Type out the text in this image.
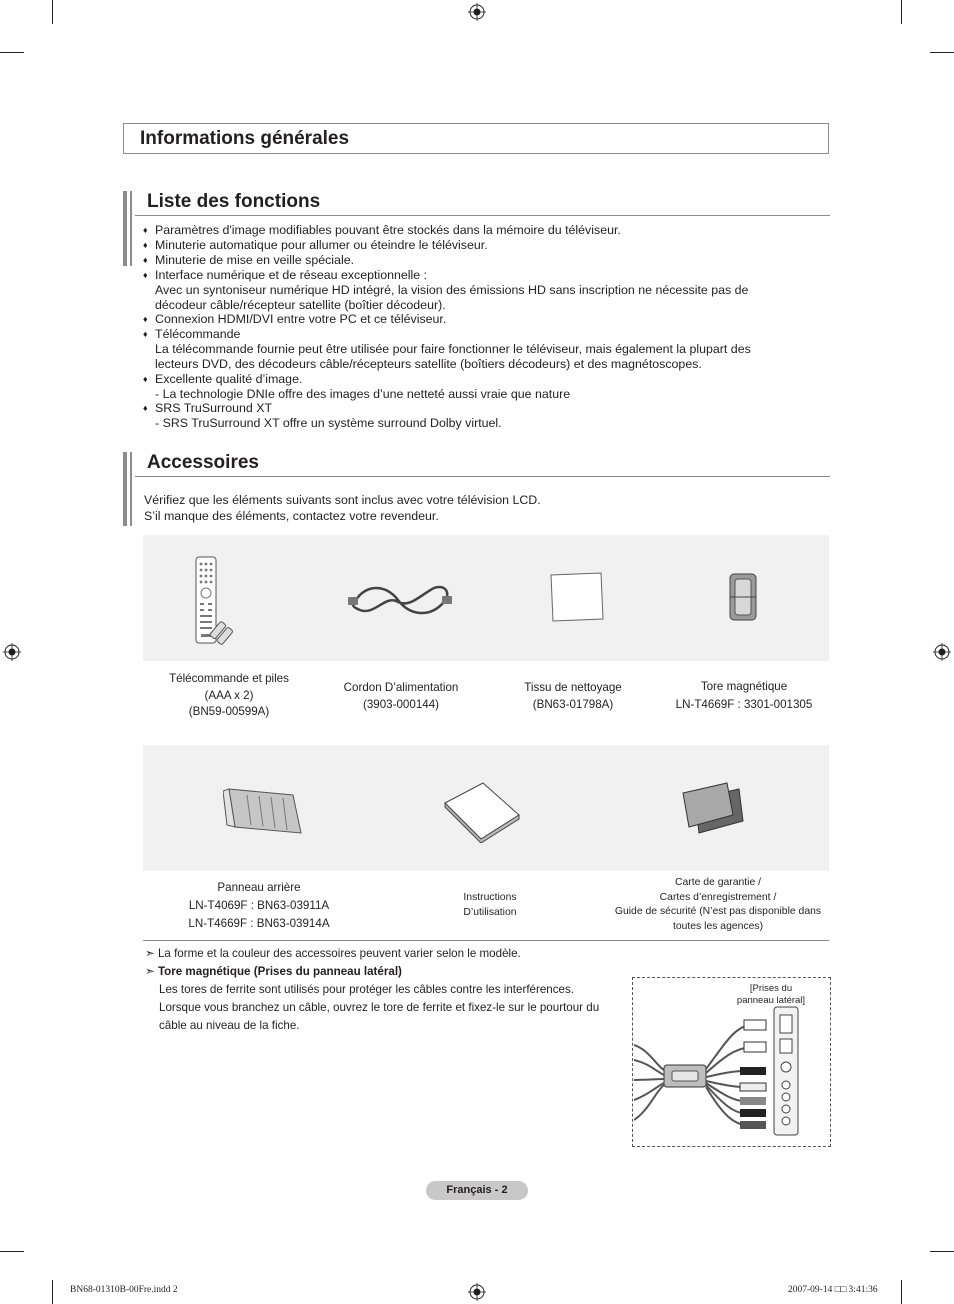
Informations générales
Liste des fonctions
♦ Paramètres d'image modifiables pouvant être stockés dans la mémoire du téléviseur.
♦ Minuterie automatique pour allumer ou éteindre le téléviseur.
♦ Minuterie de mise en veille spéciale.
♦ Interface numérique et de réseau exceptionnelle :
Avec un syntoniseur numérique HD intégré, la vision des émissions HD sans inscription ne nécessite pas de
décodeur câble/récepteur satellite (boîtier décodeur).
♦ Connexion HDMI/DVI entre votre PC et ce téléviseur.
♦ Télécommande
La télécommande fournie peut être utilisée pour faire fonctionner le téléviseur, mais également la plupart des
lecteurs DVD, des décodeurs câble/récepteurs satellite (boîtiers décodeurs) et des magnétoscopes.
♦ Excellente qualité d’image.
- La technologie DNIe offre des images d’une netteté aussi vraie que nature
♦ SRS TruSurround XT
- SRS TruSurround XT offre un système surround Dolby virtuel.
Accessoires
Vérifiez que les éléments suivants sont inclus avec votre télévision LCD.
S’il manque des éléments, contactez votre revendeur.
Télécommande et piles
(AAA x 2)
(BN59-00599A)
Cordon D’alimentation
(3903-000144)
Tissu de nettoyage
(BN63-01798A)
Tore magnétique
LN-T4669F : 3301-001305
Panneau arrière
LN-T4069F : BN63-03911A
LN-T4669F : BN63-03914A
Instructions
D’utilisation
Carte de garantie /
Cartes d’enregistrement /
Guide de sécurité (N’est pas disponible dans
toutes les agences)
➣ La forme et la couleur des accessoires peuvent varier selon le modèle.
➣ Tore magnétique (Prises du panneau latéral)
Les tores de ferrite sont utilisés pour protéger les câbles contre les interférences.
Lorsque vous branchez un câble, ouvrez le tore de ferrite et fixez-le sur le pourtour du
câble au niveau de la fiche.
[Prises du
panneau latéral]
Français - 2
BN68-01310B-00Fre.indd 2	2007-09-14 □□ 3:41:36
